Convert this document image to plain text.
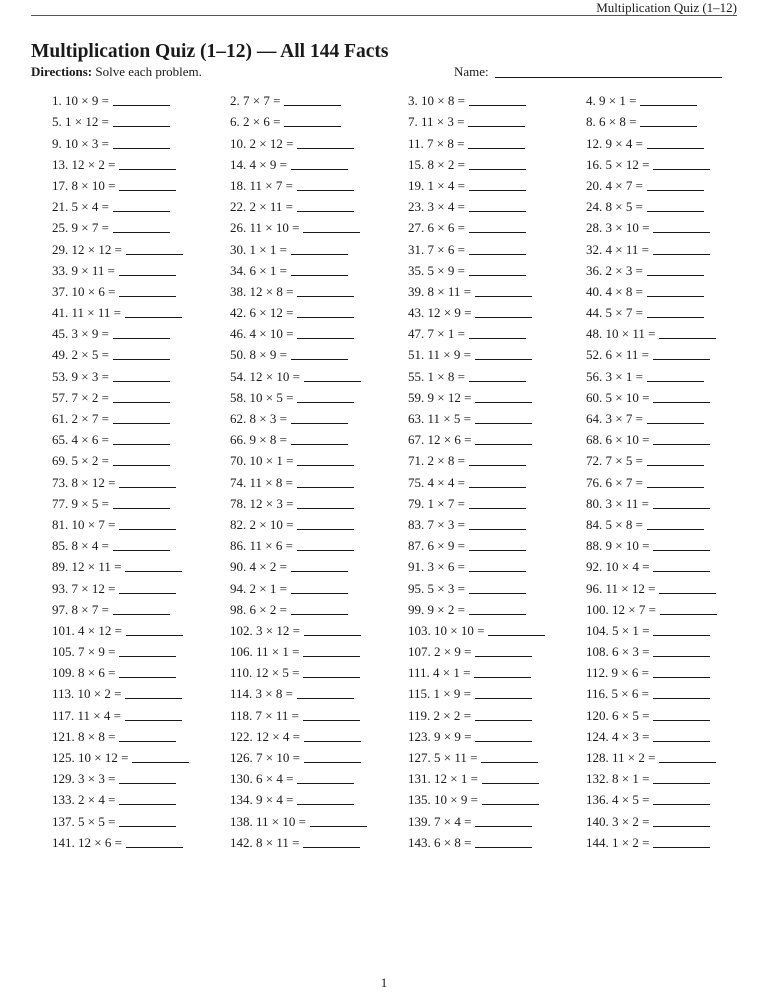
Multiplication Quiz (1–12)
Multiplication Quiz (1–12) — All 144 Facts
Directions: Solve each problem.	Name:
1. 10 × 9 =	2. 7 × 7 =	3. 10 × 8 =	4. 9 × 1 =
5. 1 × 12 =	6. 2 × 6 =	7. 11 × 3 =	8. 6 × 8 =
9. 10 × 3 =	10. 2 × 12 =	11. 7 × 8 =	12. 9 × 4 =
13. 12 × 2 =	14. 4 × 9 =	15. 8 × 2 =	16. 5 × 12 =
17. 8 × 10 =	18. 11 × 7 =	19. 1 × 4 =	20. 4 × 7 =
21. 5 × 4 =	22. 2 × 11 =	23. 3 × 4 =	24. 8 × 5 =
25. 9 × 7 =	26. 11 × 10 =	27. 6 × 6 =	28. 3 × 10 =
29. 12 × 12 =	30. 1 × 1 =	31. 7 × 6 =	32. 4 × 11 =
33. 9 × 11 =	34. 6 × 1 =	35. 5 × 9 =	36. 2 × 3 =
37. 10 × 6 =	38. 12 × 8 =	39. 8 × 11 =	40. 4 × 8 =
41. 11 × 11 =	42. 6 × 12 =	43. 12 × 9 =	44. 5 × 7 =
45. 3 × 9 =	46. 4 × 10 =	47. 7 × 1 =	48. 10 × 11 =
49. 2 × 5 =	50. 8 × 9 =	51. 11 × 9 =	52. 6 × 11 =
53. 9 × 3 =	54. 12 × 10 =	55. 1 × 8 =	56. 3 × 1 =
57. 7 × 2 =	58. 10 × 5 =	59. 9 × 12 =	60. 5 × 10 =
61. 2 × 7 =	62. 8 × 3 =	63. 11 × 5 =	64. 3 × 7 =
65. 4 × 6 =	66. 9 × 8 =	67. 12 × 6 =	68. 6 × 10 =
69. 5 × 2 =	70. 10 × 1 =	71. 2 × 8 =	72. 7 × 5 =
73. 8 × 12 =	74. 11 × 8 =	75. 4 × 4 =	76. 6 × 7 =
77. 9 × 5 =	78. 12 × 3 =	79. 1 × 7 =	80. 3 × 11 =
81. 10 × 7 =	82. 2 × 10 =	83. 7 × 3 =	84. 5 × 8 =
85. 8 × 4 =	86. 11 × 6 =	87. 6 × 9 =	88. 9 × 10 =
89. 12 × 11 =	90. 4 × 2 =	91. 3 × 6 =	92. 10 × 4 =
93. 7 × 12 =	94. 2 × 1 =	95. 5 × 3 =	96. 11 × 12 =
97. 8 × 7 =	98. 6 × 2 =	99. 9 × 2 =	100. 12 × 7 =
101. 4 × 12 =	102. 3 × 12 =	103. 10 × 10 =	104. 5 × 1 =
105. 7 × 9 =	106. 11 × 1 =	107. 2 × 9 =	108. 6 × 3 =
109. 8 × 6 =	110. 12 × 5 =	111. 4 × 1 =	112. 9 × 6 =
113. 10 × 2 =	114. 3 × 8 =	115. 1 × 9 =	116. 5 × 6 =
117. 11 × 4 =	118. 7 × 11 =	119. 2 × 2 =	120. 6 × 5 =
121. 8 × 8 =	122. 12 × 4 =	123. 9 × 9 =	124. 4 × 3 =
125. 10 × 12 =	126. 7 × 10 =	127. 5 × 11 =	128. 11 × 2 =
129. 3 × 3 =	130. 6 × 4 =	131. 12 × 1 =	132. 8 × 1 =
133. 2 × 4 =	134. 9 × 4 =	135. 10 × 9 =	136. 4 × 5 =
137. 5 × 5 =	138. 11 × 10 =	139. 7 × 4 =	140. 3 × 2 =
141. 12 × 6 =	142. 8 × 11 =	143. 6 × 8 =	144. 1 × 2 =
1
